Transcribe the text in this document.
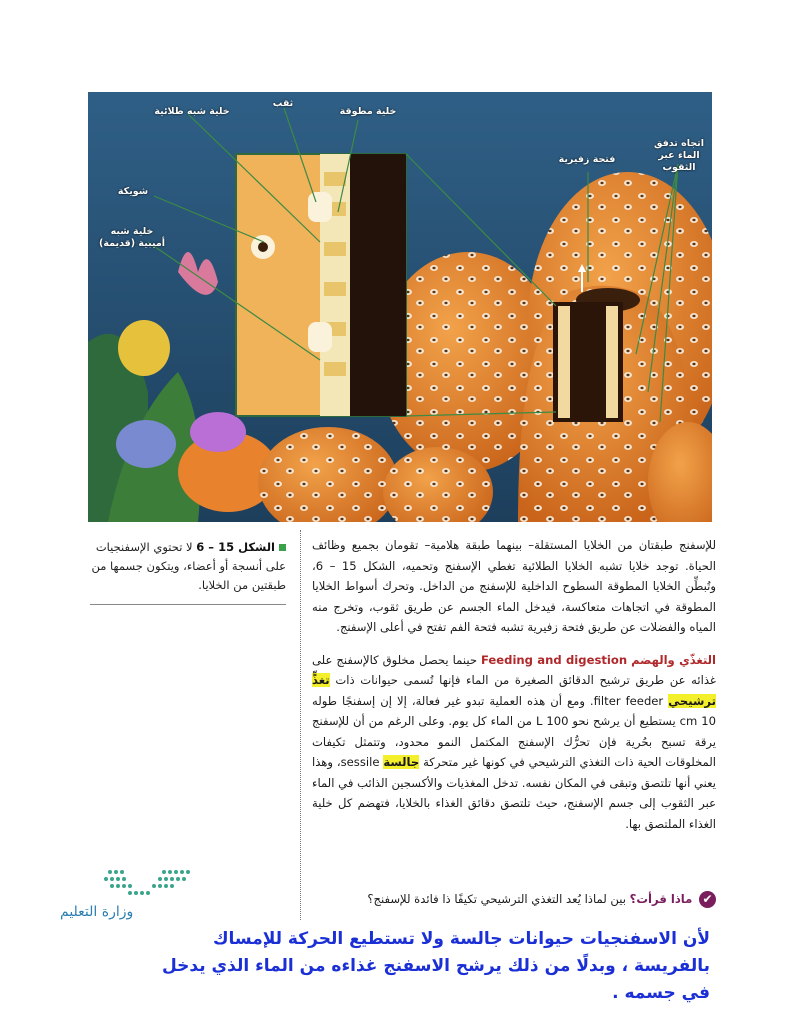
خلية شبه طلائية
ثقب
خلية مطوقة
شويكة
خلية شبه أميبية (قديمة)
اتجاه تدفق الماء عبر الثقوب
فتحة زفيرية
الشكل 15 – 6 لا تحتوي الإسفنجيات على أنسجة أو أعضاء، ويتكون جسمها من طبقتين من الخلايا.

للإسفنج طبقتان من الخلايا المستقلة– بينهما طبقة هلامية– تقومان بجميع وظائف الحياة. توجد خلايا تشبه الخلايا الطلائية تغطي الإسفنج وتحميه، الشكل 15 – 6، وتُبطِّن الخلايا المطوقة السطوح الداخلية للإسفنج من الداخل. وتحرك أسواط الخلايا المطوقة في اتجاهات متعاكسة، فيدخل الماء الجسم عن طريق ثقوب، وتخرج منه المياه والفضلات عن طريق فتحة زفيرية تشبه فتحة الفم تفتح في أعلى الإسفنج.

التغذّي والهضم Feeding and digestion حينما يحصل مخلوق كالإسفنج على غذائه عن طريق ترشيح الدقائق الصغيرة من الماء فإنها تُسمى حيوانات ذات تغذٍّ ترشيحي filter feeder. ومع أن هذه العملية تبدو غير فعالة، إلا إن إسفنجًا طوله 10 cm يستطيع أن يرشح نحو 100 L من الماء كل يوم. وعلى الرغم من أن للإسفنج يرقة تسبح بحُرية فإن تحرُّك الإسفنج المكتمل النمو محدود، وتتمثل تكيفات المخلوقات الحية ذات التغذي الترشيحي في كونها غير متحركة جالسة sessile، وهذا يعني أنها تلتصق وتبقى في المكان نفسه. تدخل المغذيات والأكسجين الذائب في الماء عبر الثقوب إلى جسم الإسفنج، حيث تلتصق دقائق الغذاء بالخلايا، فتهضم كل خلية الغذاء الملتصق بها.

✔ ماذا قرأت؟ بين لماذا يُعد التغذي الترشيحي تكيفًا ذا فائدة للإسفنج؟
وزارة التعليم
لأن الاسفنجيات حيوانات جالسة ولا تستطيع الحركة للإمساك بالفريسة ، وبدلًا من ذلك يرشح الاسفنج غذاءه من الماء الذي يدخل في جسمه .
